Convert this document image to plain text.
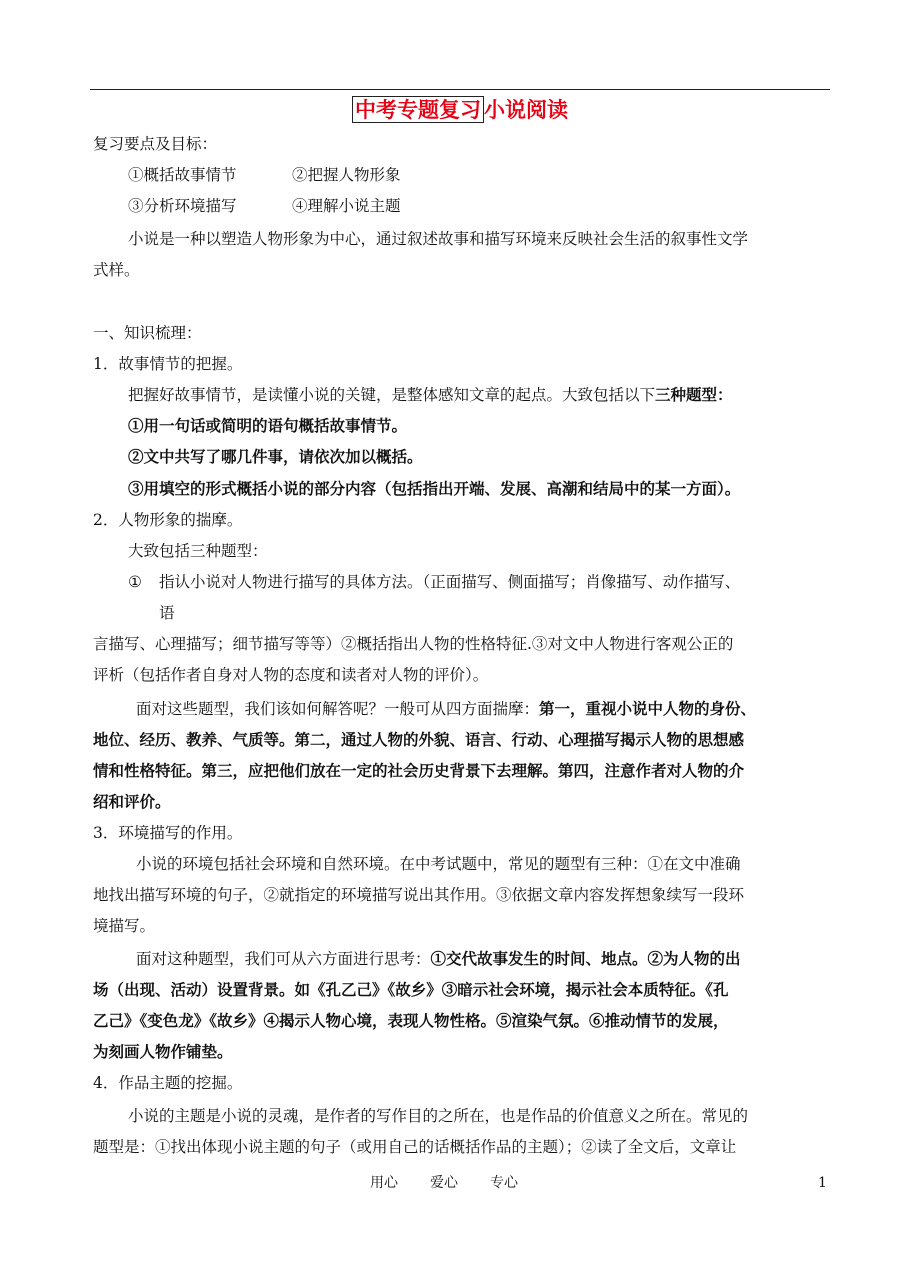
中考专题复习 小说阅读
复习要点及目标：
①概括故事情节	②把握人物形象
③分析环境描写	④理解小说主题
小说是一种以塑造人物形象为中心，通过叙述故事和描写环境来反映社会生活的叙事性文学
式样。
一、知识梳理：
1．故事情节的把握。
把握好故事情节，是读懂小说的关键，是整体感知文章的起点。大致包括以下三种题型：
①用一句话或简明的语句概括故事情节。
②文中共写了哪几件事，请依次加以概括。
③用填空的形式概括小说的部分内容（包括指出开端、发展、高潮和结局中的某一方面）。
2．人物形象的揣摩。
大致包括三种题型：
① 指认小说对人物进行描写的具体方法。（正面描写、侧面描写；肖像描写、动作描写、
语
言描写、心理描写；细节描写等等）②概括指出人物的性格特征.③对文中人物进行客观公正的
评析（包括作者自身对人物的态度和读者对人物的评价）。
面对这些题型，我们该如何解答呢？一般可从四方面揣摩：第一，重视小说中人物的身份、
地位、经历、教养、气质等。第二，通过人物的外貌、语言、行动、心理描写揭示人物的思想感
情和性格特征。第三，应把他们放在一定的社会历史背景下去理解。第四，注意作者对人物的介
绍和评价。
3．环境描写的作用。
小说的环境包括社会环境和自然环境。在中考试题中，常见的题型有三种：①在文中准确
地找出描写环境的句子，②就指定的环境描写说出其作用。③依据文章内容发挥想象续写一段环
境描写。
面对这种题型，我们可从六方面进行思考：①交代故事发生的时间、地点。②为人物的出
场（出现、活动）设置背景。如《孔乙己》《故乡》③暗示社会环境，揭示社会本质特征。《孔
乙己》《变色龙》《故乡》④揭示人物心境，表现人物性格。⑤渲染气氛。⑥推动情节的发展，
为刻画人物作铺垫。
4．作品主题的挖掘。
小说的主题是小说的灵魂，是作者的写作目的之所在，也是作品的价值意义之所在。常见的
题型是：①找出体现小说主题的句子（或用自己的话概括作品的主题）；②读了全文后，文章让
用心 爱心 专心	1
